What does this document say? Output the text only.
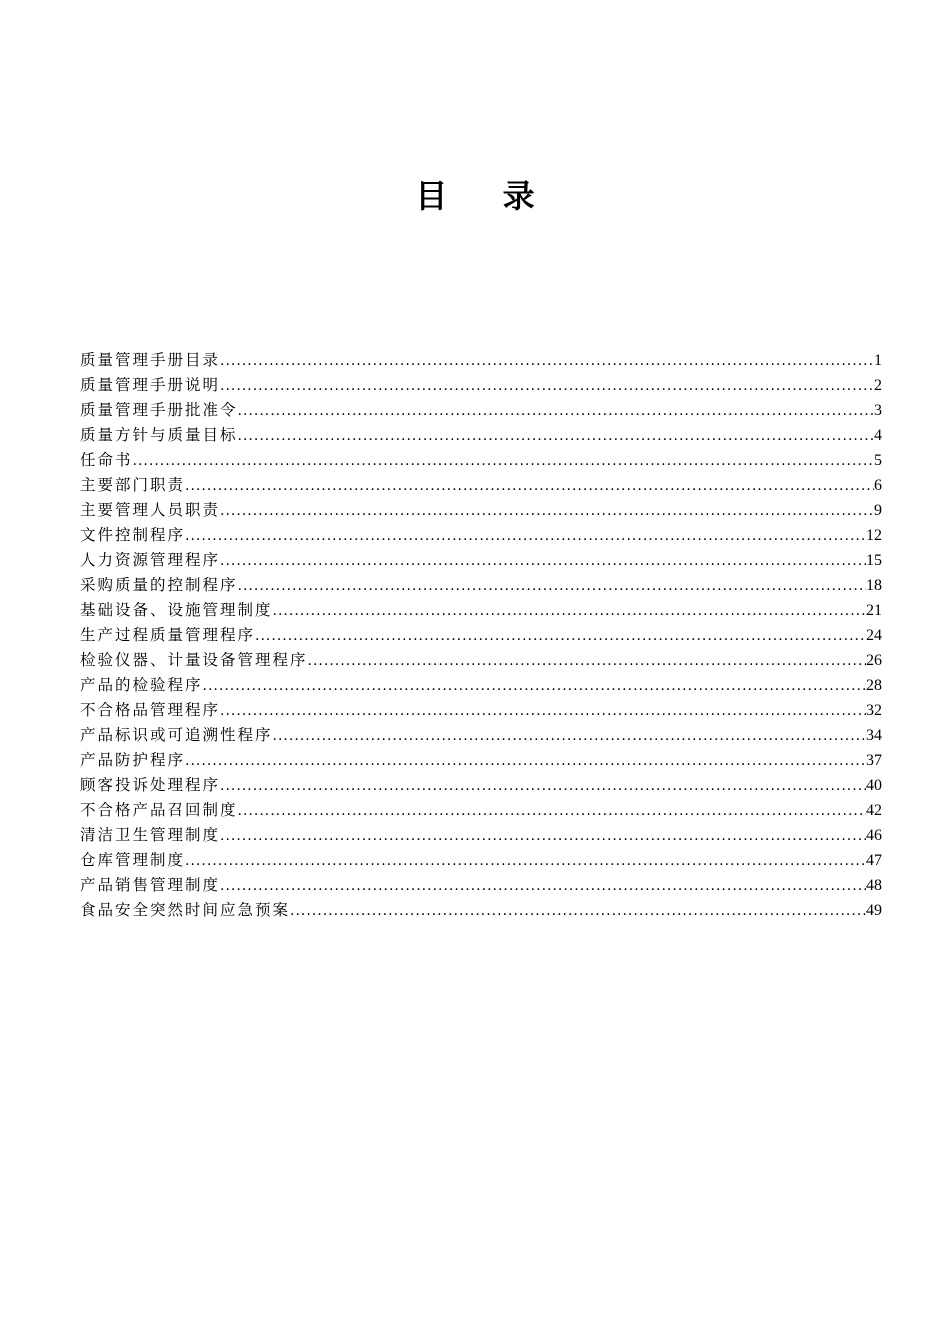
目 录
质量管理手册目录 .....	1
质量管理手册说明 .....	2
质量管理手册批准令 .....	3
质量方针与质量目标 .....	4
任命书 .....	5
主要部门职责 .....	6
主要管理人员职责 .....	9
文件控制程序 .....	12
人力资源管理程序 .....	15
采购质量的控制程序 .....	18
基础设备、设施管理制度 .....	21
生产过程质量管理程序 .....	24
检验仪器、计量设备管理程序 .....	26
产品的检验程序 .....	28
不合格品管理程序 .....	32
产品标识或可追溯性程序 .....	34
产品防护程序 .....	37
顾客投诉处理程序 .....	40
不合格产品召回制度 .....	42
清洁卫生管理制度 .....	46
仓库管理制度 .....	47
产品销售管理制度 .....	48
食品安全突然时间应急预案 .....	49
